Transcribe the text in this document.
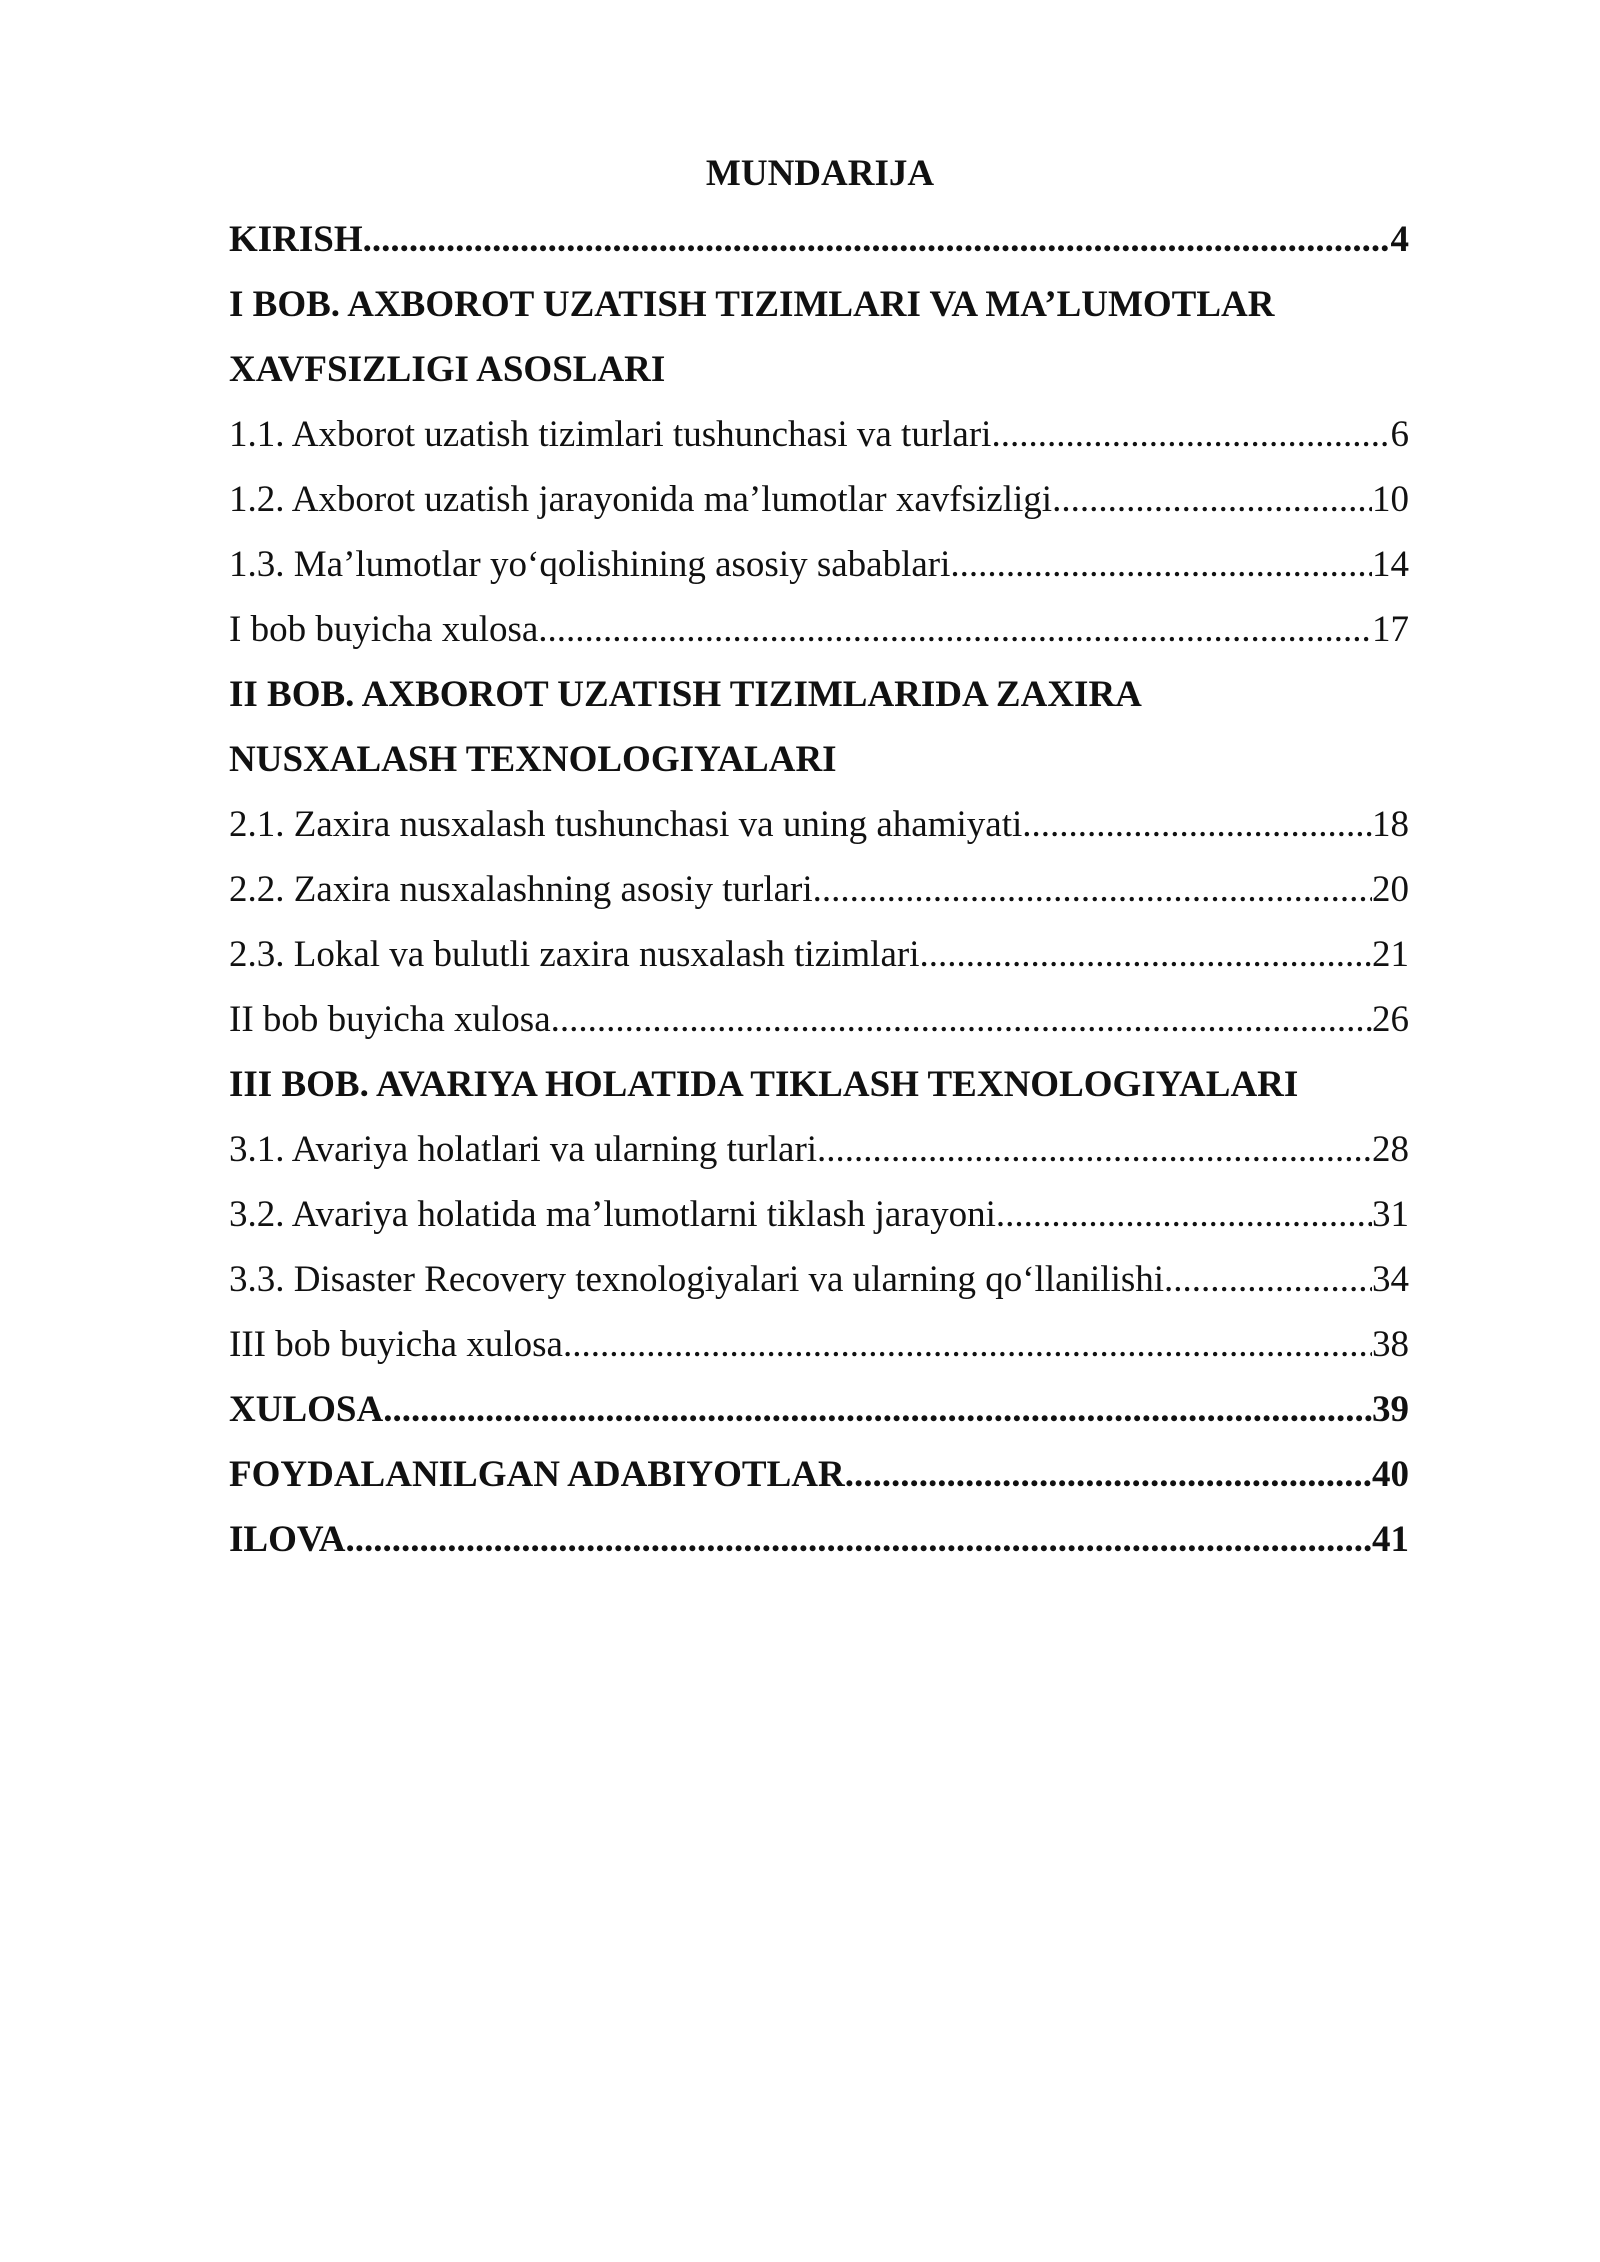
MUNDARIJA
KIRISH .....	4
I BOB. AXBOROT UZATISH TIZIMLARI VA MA’LUMOTLAR
XAVFSIZLIGI ASOSLARI
1.1. Axborot uzatish tizimlari tushunchasi va turlari .....	6
1.2. Axborot uzatish jarayonida ma’lumotlar xavfsizligi .....	10
1.3. Ma’lumotlar yo‘qolishining asosiy sabablari .....	14
I bob buyicha xulosa .....	17
II BOB. AXBOROT UZATISH TIZIMLARIDA ZAXIRA
NUSXALASH TEXNOLOGIYALARI
2.1. Zaxira nusxalash tushunchasi va uning ahamiyati .....	18
2.2. Zaxira nusxalashning asosiy turlari .....	20
2.3. Lokal va bulutli zaxira nusxalash tizimlari .....	21
II bob buyicha xulosa .....	26
III BOB. AVARIYA HOLATIDA TIKLASH TEXNOLOGIYALARI
3.1. Avariya holatlari va ularning turlari .....	28
3.2. Avariya holatida ma’lumotlarni tiklash jarayoni .....	31
3.3. Disaster Recovery texnologiyalari va ularning qo‘llanilishi .....	34
III bob buyicha xulosa .....	38
XULOSA .....	39
FOYDALANILGAN ADABIYOTLAR .....	40
ILOVA .....	41
